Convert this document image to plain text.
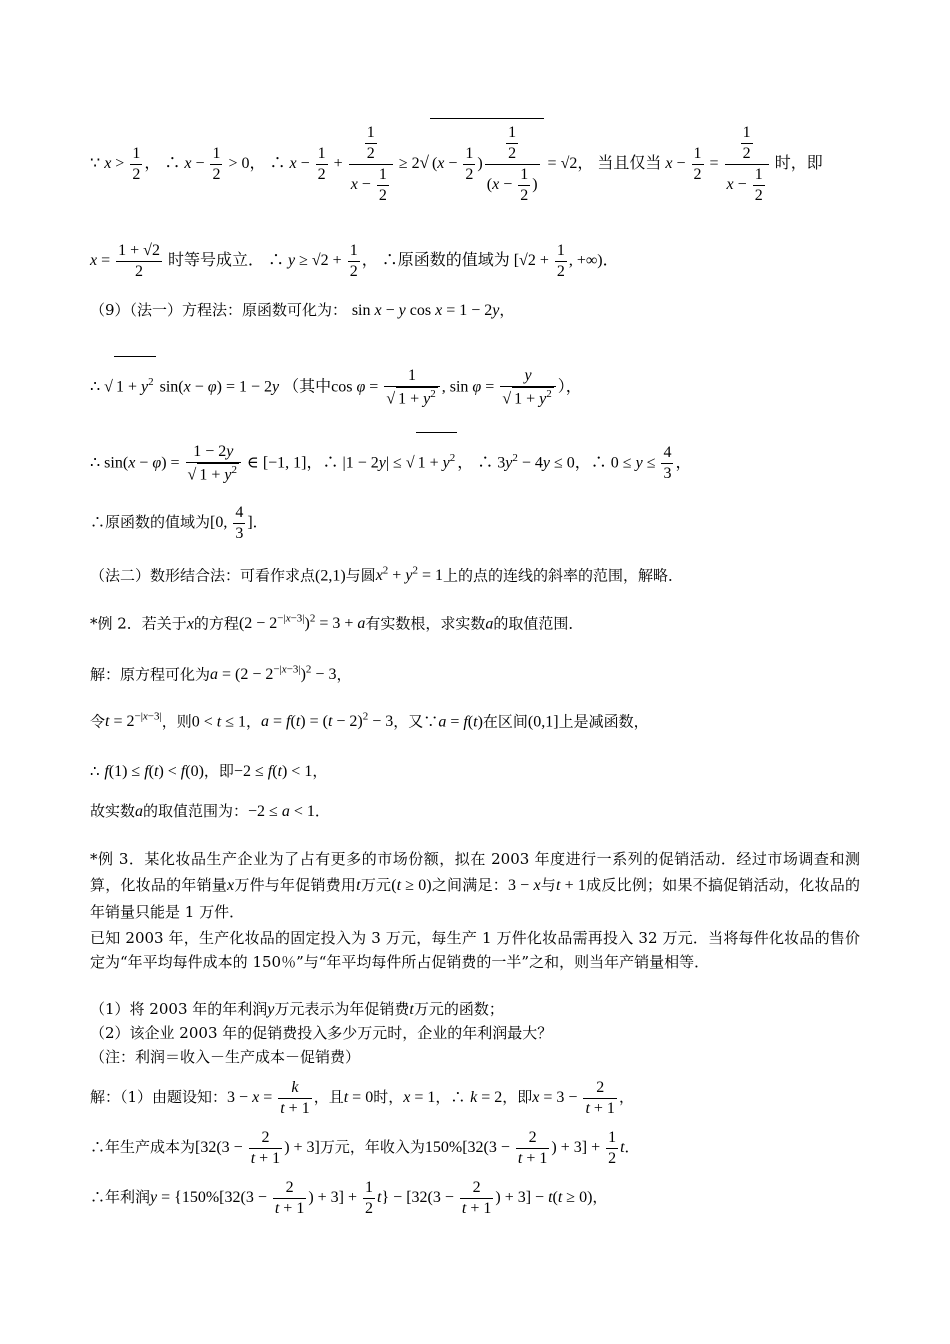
∵ $x > \frac{1}{2}$ ， ∴ $x - \frac{1}{2} > 0$， ∴ $x - \frac{1}{2} + \frac{\frac{1}{2}}{x - \frac{1}{2}} \ge 2√$ ($x - \frac{1}{2}$ ) $\frac{\frac{1}{2}}{(x - \frac{1}{2} )} = √2$， 当且仅当 $x - \frac{1}{2} = \frac{\frac{1}{2}}{x - \frac{1}{2}}$ 时，即
$x = \frac{1 + √2}{2}$ 时等号成立． ∴ $y \ge √2 + \frac{1}{2}$ ， ∴原函数的值域为 [$√2 + \frac{1}{2}$ , +∞)．
（9）（法一）方程法：原函数可化为： sin x − y cos x = 1 − 2y，
∴ √ $1 + y^2$ sin(x − φ) = 1 − 2y （其中$\cos \varphi = \frac{1}{√ 1 + y^2}$ , $\sin \varphi = \frac{y}{√ 1 + y^2}$ ），
∴ $\sin(x - \varphi) = \frac{1 - 2y}{√ 1 + y^2}$ ∈ [−1, 1]，∴ |1 − 2y| ≤ √ $1 + y^2$ ， ∴ $3y^2 - 4y \le 0$，∴ $0 \le y \le \frac{4}{3}$ ，
∴原函数的值域为[0, $\frac{4}{3}$ ]．
（法二）数形结合法：可看作求点(2,1)与圆$x^2 + y^2 = 1$上的点的连线的斜率的范围，解略．
*例 2．若关于x的方程$(2 - 2^{-|x-3|})^2 = 3 + a$有实数根，求实数a的取值范围．
解：原方程可化为$a = (2 - 2^{-|x-3|})^2 - 3$，
令$t = 2^{-|x-3|}$，则0 < t ≤ 1，$a = f(t) = (t - 2)^2 - 3$，又∵a = f(t)在区间(0,1]上是减函数，
∴ f(1) ≤ f(t) < f(0)，即−2 ≤ f(t) < 1，
故实数a的取值范围为：−2 ≤ a < 1．
*例 3．某化妆品生产企业为了占有更多的市场份额，拟在 2003 年度进行一系列的促销活动．经过市场调查和测算，化妆品的年销量x万件与年促销费用t万元(t ≥ 0)之间满足：3 − x与t + 1成反比例；如果不搞促销活动，化妆品的年销量只能是 1 万件．
已知 2003 年，生产化妆品的固定投入为 3 万元，每生产 1 万件化妆品需再投入 32 万元．当将每件化妆品的售价定为“年平均每件成本的 150％”与“年平均每件所占促销费的一半”之和，则当年产销量相等．
（1）将 2003 年的年利润y万元表示为年促销费t万元的函数；
（2）该企业 2003 年的促销费投入多少万元时，企业的年利润最大？
（注：利润＝收入－生产成本－促销费）
解：（1）由题设知：$3 - x = \frac{k}{t + 1}$ ，且t = 0时，x = 1，∴ k = 2，即$x = 3 - \frac{2}{t + 1}$ ，
∴年生产成本为[$32(3 - \frac{2}{t + 1}$ ) + 3]万元，年收入为$150\%[32(3 - \frac{2}{t + 1}$ ) + $3] + \frac{1}{2}$ t．
∴年利润$y = \{150\%[32(3 - \frac{2}{t + 1}$ ) + $3] + \frac{1}{2} t\} - [32(3 - \frac{2}{t + 1}$ ) + 3] − t(t ≥ 0)，
